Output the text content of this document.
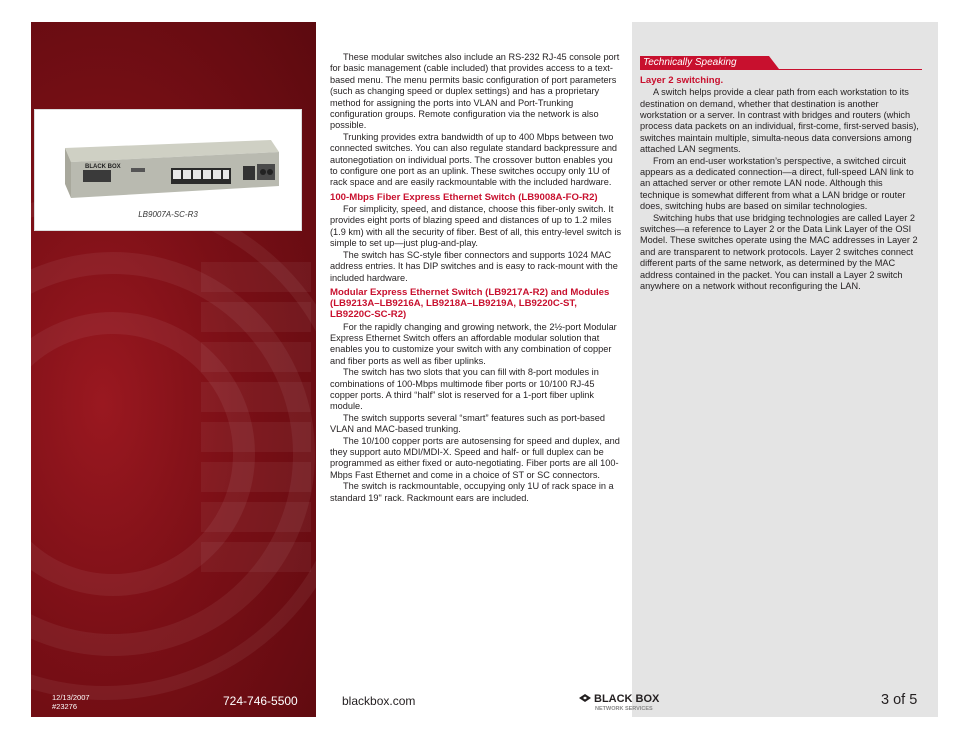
BLACK BOX
LB9007A-SC-R3

These modular switches also include an RS-232 RJ-45 console port for basic management (cable included) that provides access to a text-based menu. The menu permits basic configuration of port parameters (such as changing speed or duplex settings) and has a proprietary method for assigning the ports into VLAN and Port-Trunking configuration groups. Remote configuration via the network is also possible.

Trunking provides extra bandwidth of up to 400 Mbps between two connected switches. You can also regulate standard backpressure and autonegotiation on individual ports. The crossover button enables you to configure one port as an uplink. These switches occupy only 1U of rack space and are easily rackmountable with the included hardware.

100-Mbps Fiber Express Ethernet Switch (LB9008A-FO-R2)

For simplicity, speed, and distance, choose this fiber-only switch. It provides eight ports of blazing speed and distances of up to 1.2 miles (1.9 km) with all the security of fiber. Best of all, this entry-level switch is simple to set up—just plug-and-play.

The switch has SC-style fiber connectors and supports 1024 MAC address entries. It has DIP switches and is easy to rack-mount with the included hardware.

Modular Express Ethernet Switch (LB9217A-R2) and Modules (LB9213A–LB9216A, LB9218A–LB9219A, LB9220C-ST, LB9220C-SC-R2)

For the rapidly changing and growing network, the 2½-port Modular Express Ethernet Switch offers an affordable modular solution that enables you to customize your switch with any combination of copper and fiber ports as well as fiber uplinks.

The switch has two slots that you can fill with 8-port modules in combinations of 100-Mbps multimode fiber ports or 10/100 RJ-45 copper ports. A third “half” slot is reserved for a 1-port fiber uplink module.

The switch supports several “smart” features such as port-based VLAN and MAC-based trunking.

The 10/100 copper ports are autosensing for speed and duplex, and they support auto MDI/MDI-X. Speed and half- or full duplex can be programmed as either fixed or auto-negotiating. Fiber ports are all 100-Mbps Fast Ethernet and come in a choice of ST or SC connectors.

The switch is rackmountable, occupying only 1U of rack space in a standard 19" rack. Rackmount ears are included.

Technically Speaking
Layer 2 switching.

A switch helps provide a clear path from each workstation to its destination on demand, whether that destination is another workstation or a server. In contrast with bridges and routers (which process data packets on an individual, first-come, first-served basis), switches maintain multiple, simulta-neous data conversions among attached LAN segments.

From an end-user workstation’s perspective, a switched circuit appears as a dedicated connection—a direct, full-speed LAN link to an attached server or other remote LAN node. Although this technique is somewhat different from what a LAN bridge or router does, switching hubs are based on similar technologies.

Switching hubs that use bridging technologies are called Layer 2 switches—a reference to Layer 2 or the Data Link Layer of the OSI Model. These switches operate using the MAC addresses in Layer 2 and are transparent to network protocols. Layer 2 switches connect different parts of the same network, as determined by the MAC address contained in the packet. You can install a Layer 2 switch anywhere on a network without reconfiguring the LAN.

12/13/2007
#23276	724-746-5500	blackbox.com	BLACK BOX
NETWORK SERVICES
3 of 5
